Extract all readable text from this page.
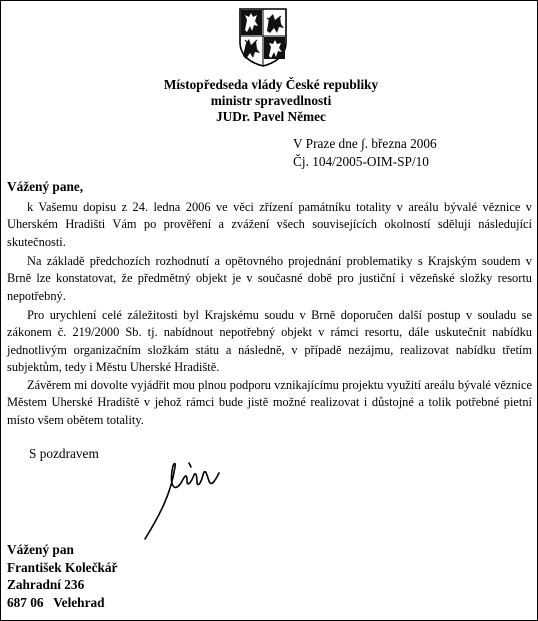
Místopředseda vlády České republiky
ministr spravedlnosti
JUDr. Pavel Němec
V Praze dne ∫. března 2006
Čj. 104/2005-OIM-SP/10
Vážený pane,

k Vašemu dopisu z 24. ledna 2006 ve věci zřízení památníku totality v areálu bývalé věznice v Uherském Hradišti Vám po prověření a zvážení všech souvisejících okolností sděluji následující skutečnosti.

Na základě předchozích rozhodnutí a opětovného projednání problematiky s Krajským soudem v Brně lze konstatovat, že předmětný objekt je v současné době pro justiční i vězeňské složky resortu nepotřebný.

Pro urychlení celé záležitosti byl Krajskému soudu v Brně doporučen další postup v souladu se zákonem č. 219/2000 Sb. tj. nabídnout nepotřebný objekt v rámci resortu, dále uskutečnit nabídku jednotlivým organizačním složkám státu a následně, v případě nezájmu, realizovat nabídku třetím subjektům, tedy i Městu Uherské Hradiště.

Závěrem mi dovolte vyjádřit mou plnou podporu vznikajícímu projektu využití areálu bývalé věznice Městem Uherské Hradiště v jehož rámci bude jistě možné realizovat i důstojné a tolik potřebné pietní místo všem obětem totality.

S pozdravem
Vážený pan
František Kolečkář
Zahradní 236
687 06   Velehrad
